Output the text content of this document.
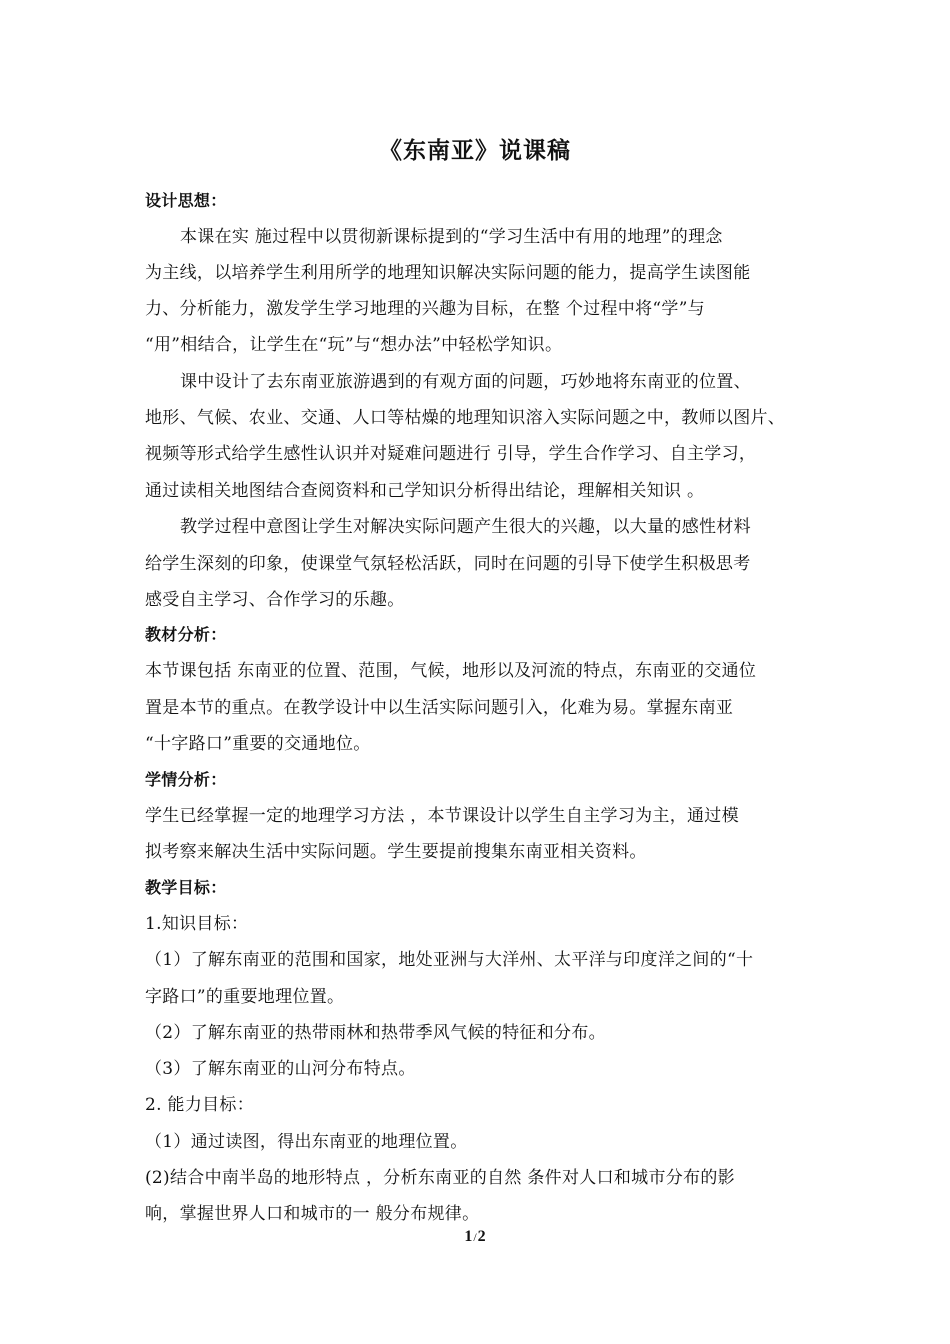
《东南亚》说课稿
设计思想：
本课在实 施过程中以贯彻新课标提到的“学习生活中有用的地理”的理念
为主线，以培养学生利用所学的地理知识解决实际问题的能力，提高学生读图能
力、分析能力，激发学生学习地理的兴趣为目标，在整 个过程中将“学”与
“用”相结合，让学生在“玩”与“想办法”中轻松学知识。
课中设计了去东南亚旅游遇到的有观方面的问题，巧妙地将东南亚的位置、
地形、气候、农业、交通、人口等枯燥的地理知识溶入实际问题之中，教师以图片、
视频等形式给学生感性认识并对疑难问题进行 引导，学生合作学习、自主学习，
通过读相关地图结合查阅资料和己学知识分析得出结论，理解相关知识 。
教学过程中意图让学生对解决实际问题产生很大的兴趣，以大量的感性材料
给学生深刻的印象，使课堂气氛轻松活跃，同时在问题的引导下使学生积极思考
感受自主学习、合作学习的乐趣。
教材分析：
本节课包括 东南亚的位置、范围，气候，地形以及河流的特点，东南亚的交通位
置是本节的重点。在教学设计中以生活实际问题引入，化难为易。掌握东南亚
“十字路口”重要的交通地位。
学情分析：
学生已经掌握一定的地理学习方法 ，本节课设计以学生自主学习为主，通过模
拟考察来解决生活中实际问题。学生要提前搜集东南亚相关资料。
教学目标：
1.知识目标：
（1）了解东南亚的范围和国家，地处亚洲与大洋州、太平洋与印度洋之间的“十
字路口”的重要地理位置。
（2）了解东南亚的热带雨林和热带季风气候的特征和分布。
（3）了解东南亚的山河分布特点。
2. 能力目标：
（1）通过读图，得出东南亚的地理位置。
(2)结合中南半岛的地形特点 ，分析东南亚的自然 条件对人口和城市分布的影
响，掌握世界人口和城市的一 般分布规律。
1/2
